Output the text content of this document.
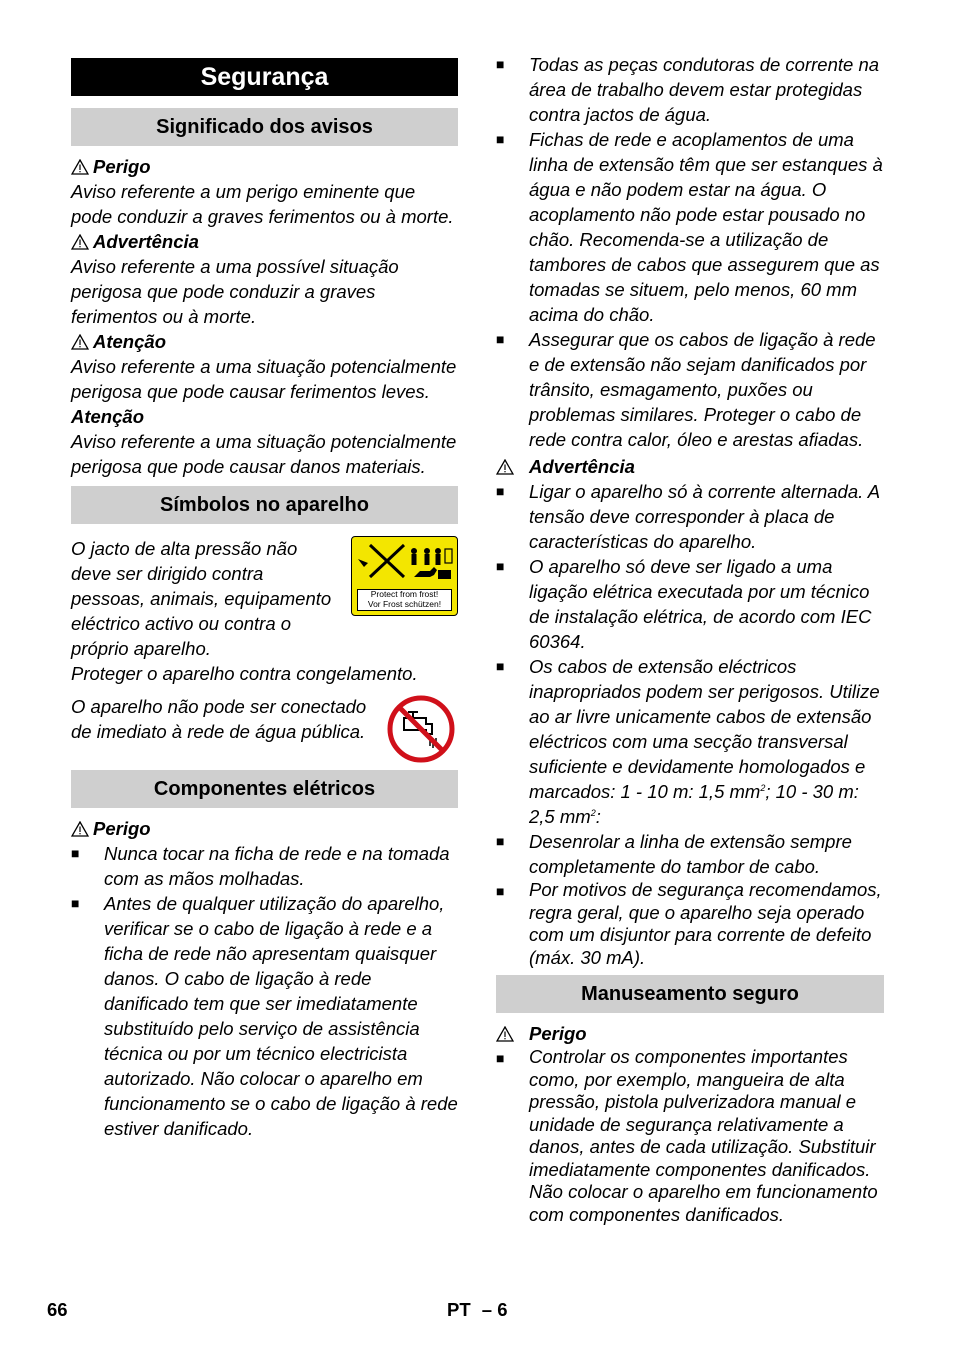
Segurança
Significado dos avisos
Perigo

Aviso referente a um perigo eminente que pode conduzir a graves ferimentos ou à morte.

Advertência

Aviso referente a uma possível situação perigosa que pode conduzir a graves ferimentos ou à morte.

Atenção

Aviso referente a uma situação potencialmente perigosa que pode causar ferimentos leves.

Atenção

Aviso referente a uma situação potencialmente perigosa que pode causar danos materiais.

Símbolos no aparelho

O jacto de alta pressão não deve ser dirigido contra pessoas, animais, equipamento eléctrico activo ou contra o próprio aparelho.

Protect from frost!
Vor Frost schützen!

Proteger o aparelho contra congelamento.

O aparelho não pode ser conectado de imediato à rede de água pública.

Componentes elétricos
Perigo
■	Nunca tocar na ficha de rede e na tomada com as mãos molhadas.
■	Antes de qualquer utilização do aparelho, verificar se o cabo de ligação à rede e a ficha de rede não apresentam quaisquer danos. O cabo de ligação à rede danificado tem que ser imediatamente substituído pelo serviço de assistência técnica ou por um técnico electricista autorizado. Não colocar o aparelho em funcionamento se o cabo de ligação à rede estiver danificado.
■	Todas as peças condutoras de corrente na área de trabalho devem estar protegidas contra jactos de água.
■	Fichas de rede e acoplamentos de uma linha de extensão têm que ser estanques à água e não podem estar na água. O acoplamento não pode estar pousado no chão. Recomenda-se a utilização de tambores de cabos que assegurem que as tomadas se situem, pelo menos, 60 mm acima do chão.
■	Assegurar que os cabos de ligação à rede e de extensão não sejam danificados por trânsito, esmagamento, puxões ou problemas similares. Proteger o cabo de rede contra calor, óleo e arestas afiadas.
Advertência
■	Ligar o aparelho só à corrente alternada. A tensão deve corresponder à placa de características do aparelho.
■	O aparelho só deve ser ligado a uma ligação elétrica executada por um técnico de instalação elétrica, de acordo com IEC 60364.
■	Os cabos de extensão eléctricos inapropriados podem ser perigosos. Utilize ao ar livre unicamente cabos de extensão eléctricos com uma secção transversal suficiente e devidamente homologados e marcados: 1 - 10 m: 1,5 $mm^2$; 10 - 30 m: 2,5 $mm^2$:
■	Desenrolar a linha de extensão sempre completamente do tambor de cabo.
■	Por motivos de segurança recomendamos, regra geral, que o aparelho seja operado com um disjuntor para corrente de defeito (máx. 30 mA).
Manuseamento seguro
Perigo
■	Controlar os componentes importantes como, por exemplo, mangueira de alta pressão, pistola pulverizadora manual e unidade de segurança relativamente a danos, antes de cada utilização. Substituir imediatamente componentes danificados. Não colocar o aparelho em funcionamento com componentes danificados.
66	PT – 6
